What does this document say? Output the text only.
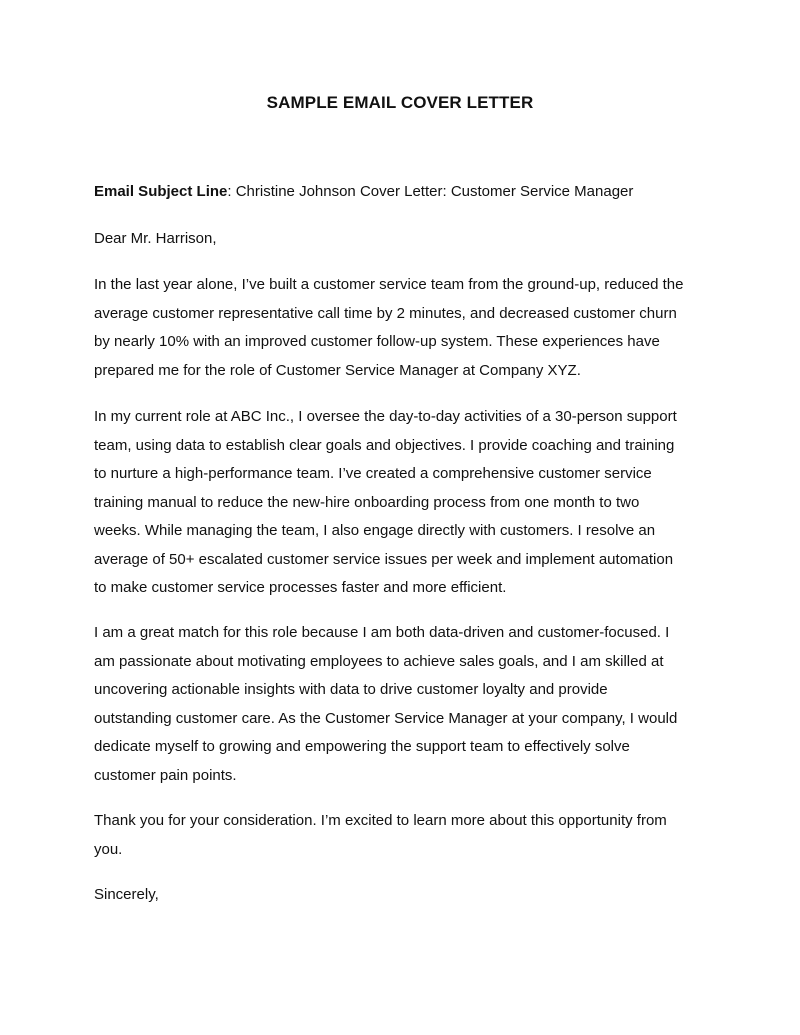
SAMPLE EMAIL COVER LETTER
Email Subject Line: Christine Johnson Cover Letter: Customer Service Manager
Dear Mr. Harrison,
In the last year alone, I’ve built a customer service team from the ground-up, reduced the
average customer representative call time by 2 minutes, and decreased customer churn
by nearly 10% with an improved customer follow-up system. These experiences have
prepared me for the role of Customer Service Manager at Company XYZ.
In my current role at ABC Inc., I oversee the day-to-day activities of a 30-person support
team, using data to establish clear goals and objectives. I provide coaching and training
to nurture a high-performance team. I’ve created a comprehensive customer service
training manual to reduce the new-hire onboarding process from one month to two
weeks. While managing the team, I also engage directly with customers. I resolve an
average of 50+ escalated customer service issues per week and implement automation
to make customer service processes faster and more efficient.
I am a great match for this role because I am both data-driven and customer-focused. I
am passionate about motivating employees to achieve sales goals, and I am skilled at
uncovering actionable insights with data to drive customer loyalty and provide
outstanding customer care. As the Customer Service Manager at your company, I would
dedicate myself to growing and empowering the support team to effectively solve
customer pain points.
Thank you for your consideration. I’m excited to learn more about this opportunity from
you.
Sincerely,
